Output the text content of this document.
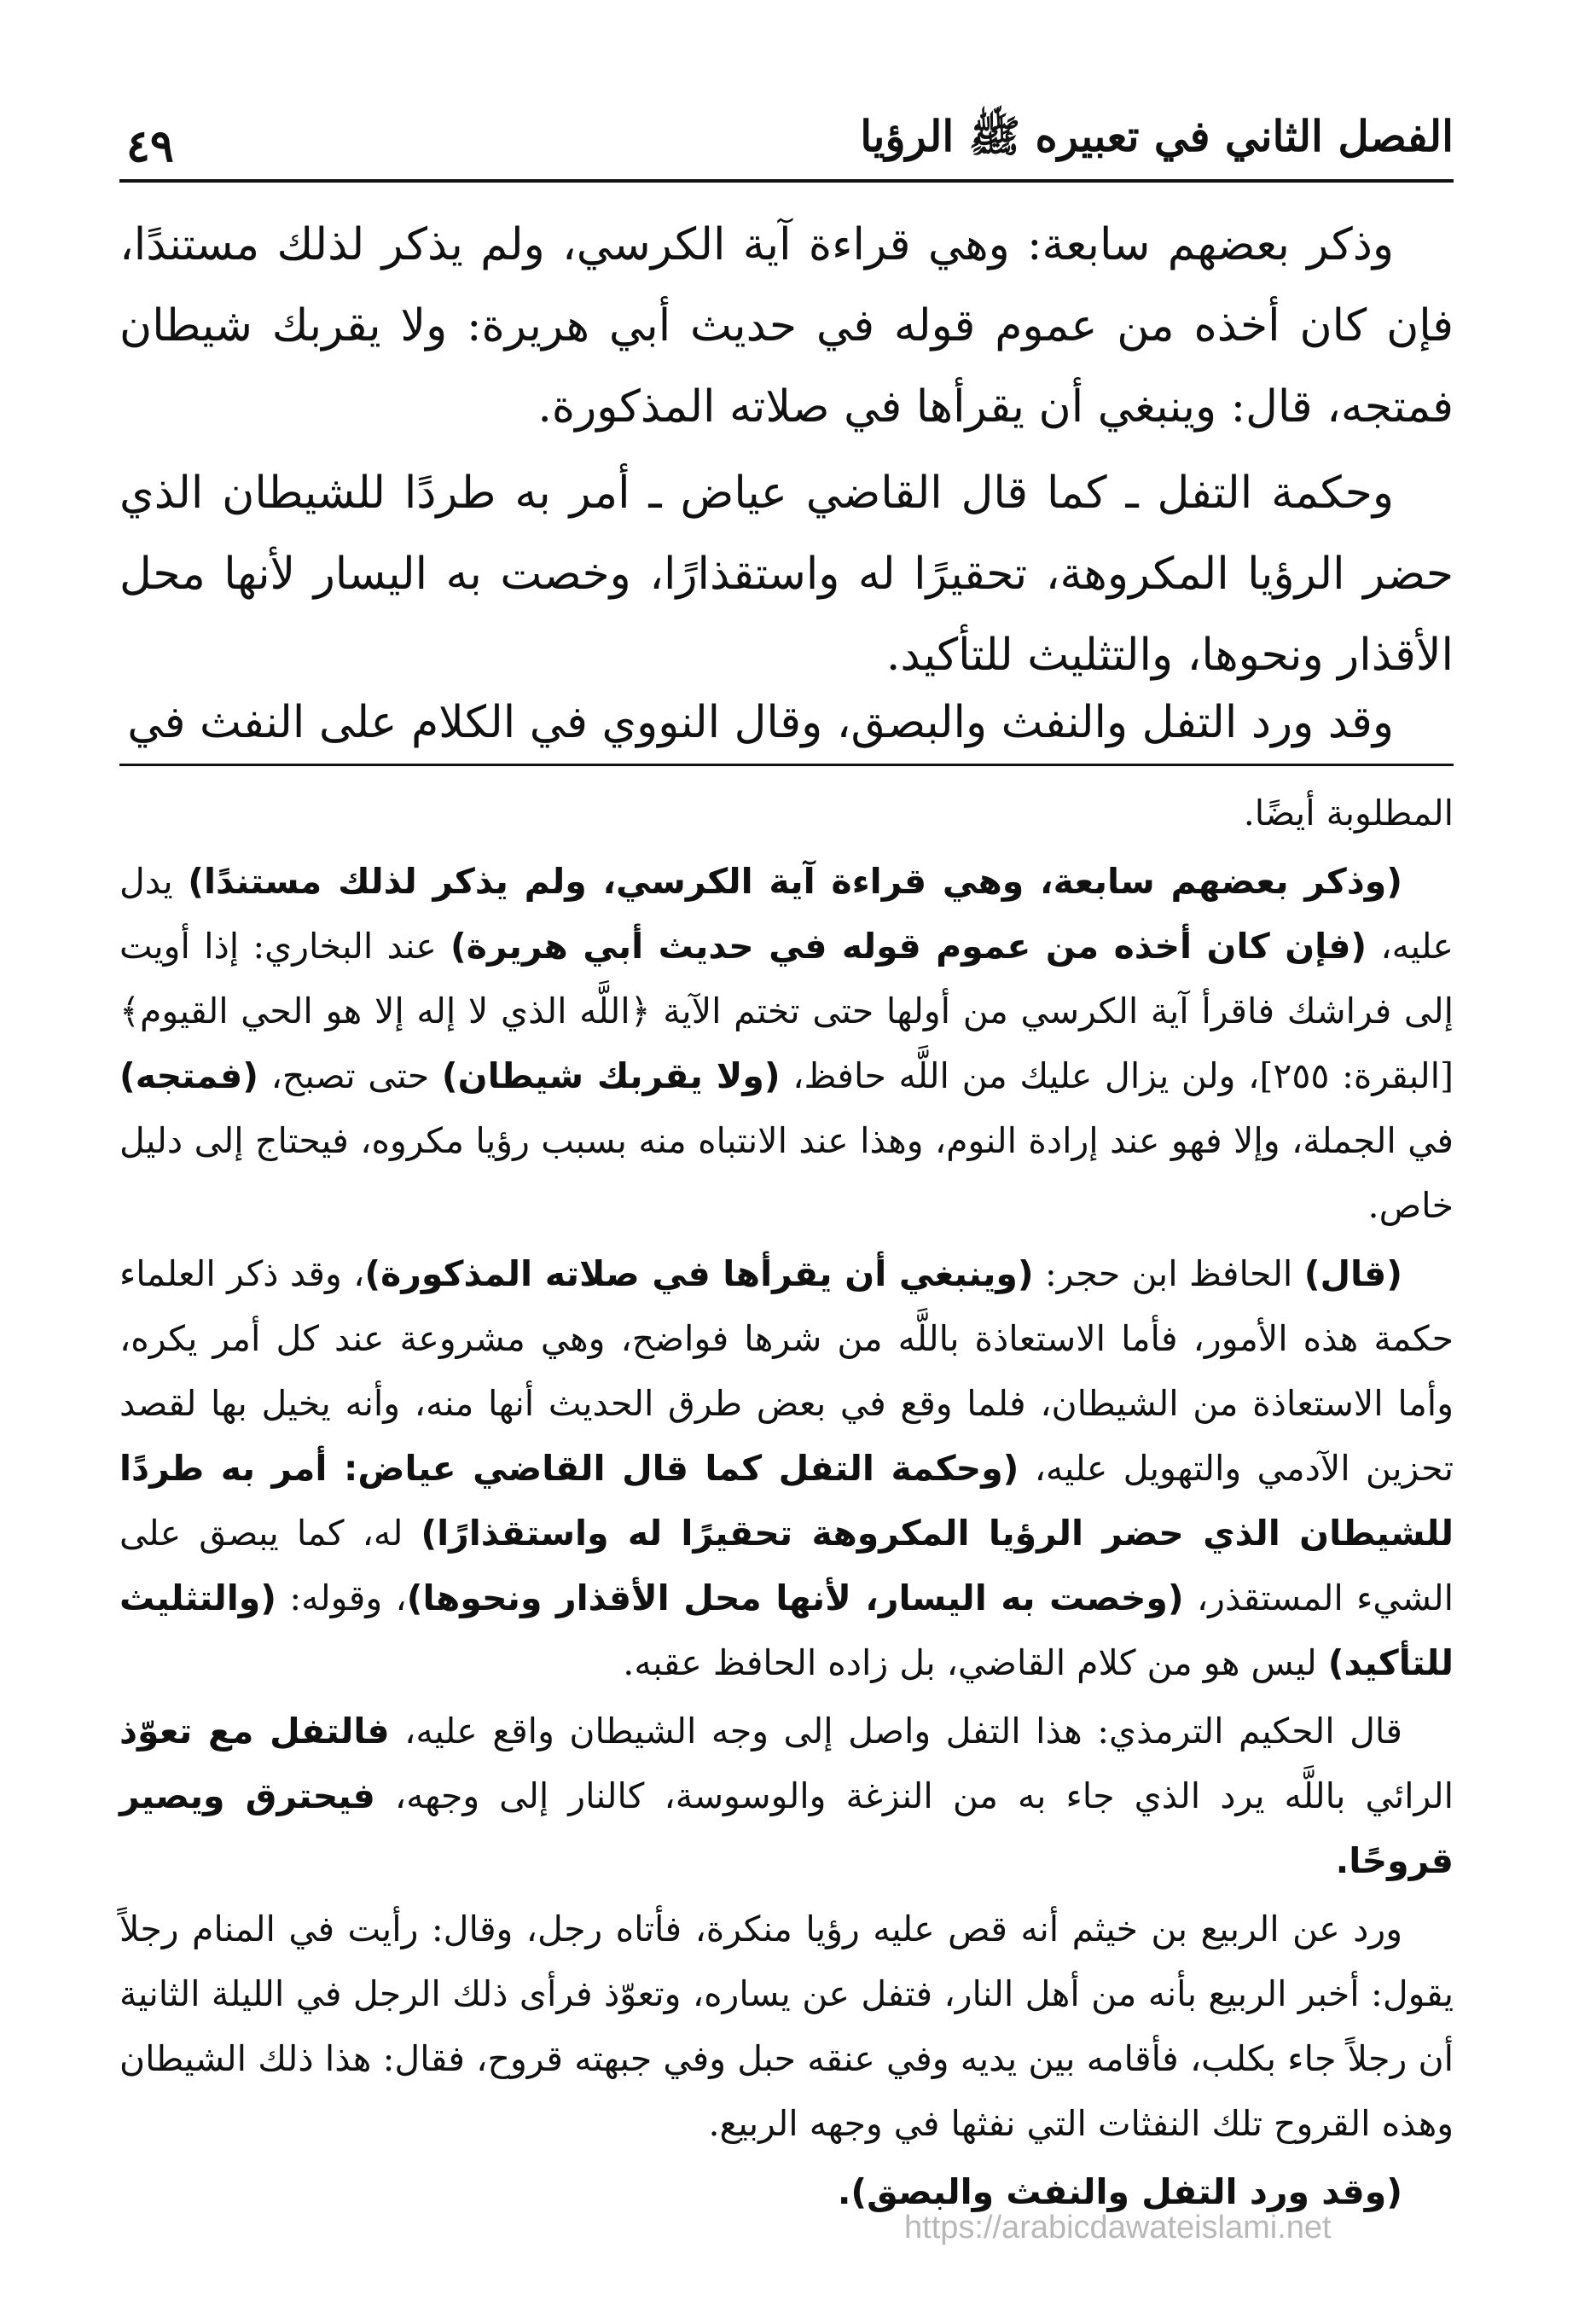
الفصل الثاني في تعبيره ﷺ الرؤيا
٤٩

وذكر بعضهم سابعة: وهي قراءة آية الكرسي، ولم يذكر لذلك مستندًا، فإن كان أخذه من عموم قوله في حديث أبي هريرة: ولا يقربك شيطان فمتجه، قال: وينبغي أن يقرأها في صلاته المذكورة.

وحكمة التفل ـ كما قال القاضي عياض ـ أمر به طردًا للشيطان الذي حضر الرؤيا المكروهة، تحقيرًا له واستقذارًا، وخصت به اليسار لأنها محل الأقذار ونحوها، والتثليث للتأكيد.

وقد ورد التفل والنفث والبصق، وقال النووي في الكلام على النفث في

المطلوبة أيضًا.

(وذكر بعضهم سابعة، وهي قراءة آية الكرسي، ولم يذكر لذلك مستندًا) يدل عليه، (فإن كان أخذه من عموم قوله في حديث أبي هريرة) عند البخاري: إذا أويت إلى فراشك فاقرأ آية الكرسي من أولها حتى تختم الآية ﴿اللَّه الذي لا إله إلا هو الحي القيوم﴾ [البقرة: ٢٥٥]، ولن يزال عليك من اللَّه حافظ، (ولا يقربك شيطان) حتى تصبح، (فمتجه) في الجملة، وإلا فهو عند إرادة النوم، وهذا عند الانتباه منه بسبب رؤيا مكروه، فيحتاج إلى دليل خاص.

(قال) الحافظ ابن حجر: (وينبغي أن يقرأها في صلاته المذكورة)، وقد ذكر العلماء حكمة هذه الأمور، فأما الاستعاذة باللَّه من شرها فواضح، وهي مشروعة عند كل أمر يكره، وأما الاستعاذة من الشيطان، فلما وقع في بعض طرق الحديث أنها منه، وأنه يخيل بها لقصد تحزين الآدمي والتهويل عليه، (وحكمة التفل كما قال القاضي عياض: أمر به طردًا للشيطان الذي حضر الرؤيا المكروهة تحقيرًا له واستقذارًا) له، كما يبصق على الشيء المستقذر، (وخصت به اليسار، لأنها محل الأقذار ونحوها)، وقوله: (والتثليث للتأكيد) ليس هو من كلام القاضي، بل زاده الحافظ عقبه.

قال الحكيم الترمذي: هذا التفل واصل إلى وجه الشيطان واقع عليه، فالتفل مع تعوّذ الرائي باللَّه يرد الذي جاء به من النزغة والوسوسة، كالنار إلى وجهه، فيحترق ويصير قروحًا.

ورد عن الربيع بن خيثم أنه قص عليه رؤيا منكرة، فأتاه رجل، وقال: رأيت في المنام رجلاً يقول: أخبر الربيع بأنه من أهل النار، فتفل عن يساره، وتعوّذ فرأى ذلك الرجل في الليلة الثانية أن رجلاً جاء بكلب، فأقامه بين يديه وفي عنقه حبل وفي جبهته قروح، فقال: هذا ذلك الشيطان وهذه القروح تلك النفثات التي نفثها في وجهه الربيع.

(وقد ورد التفل والنفث والبصق).

https://arabicdawateislami.net
